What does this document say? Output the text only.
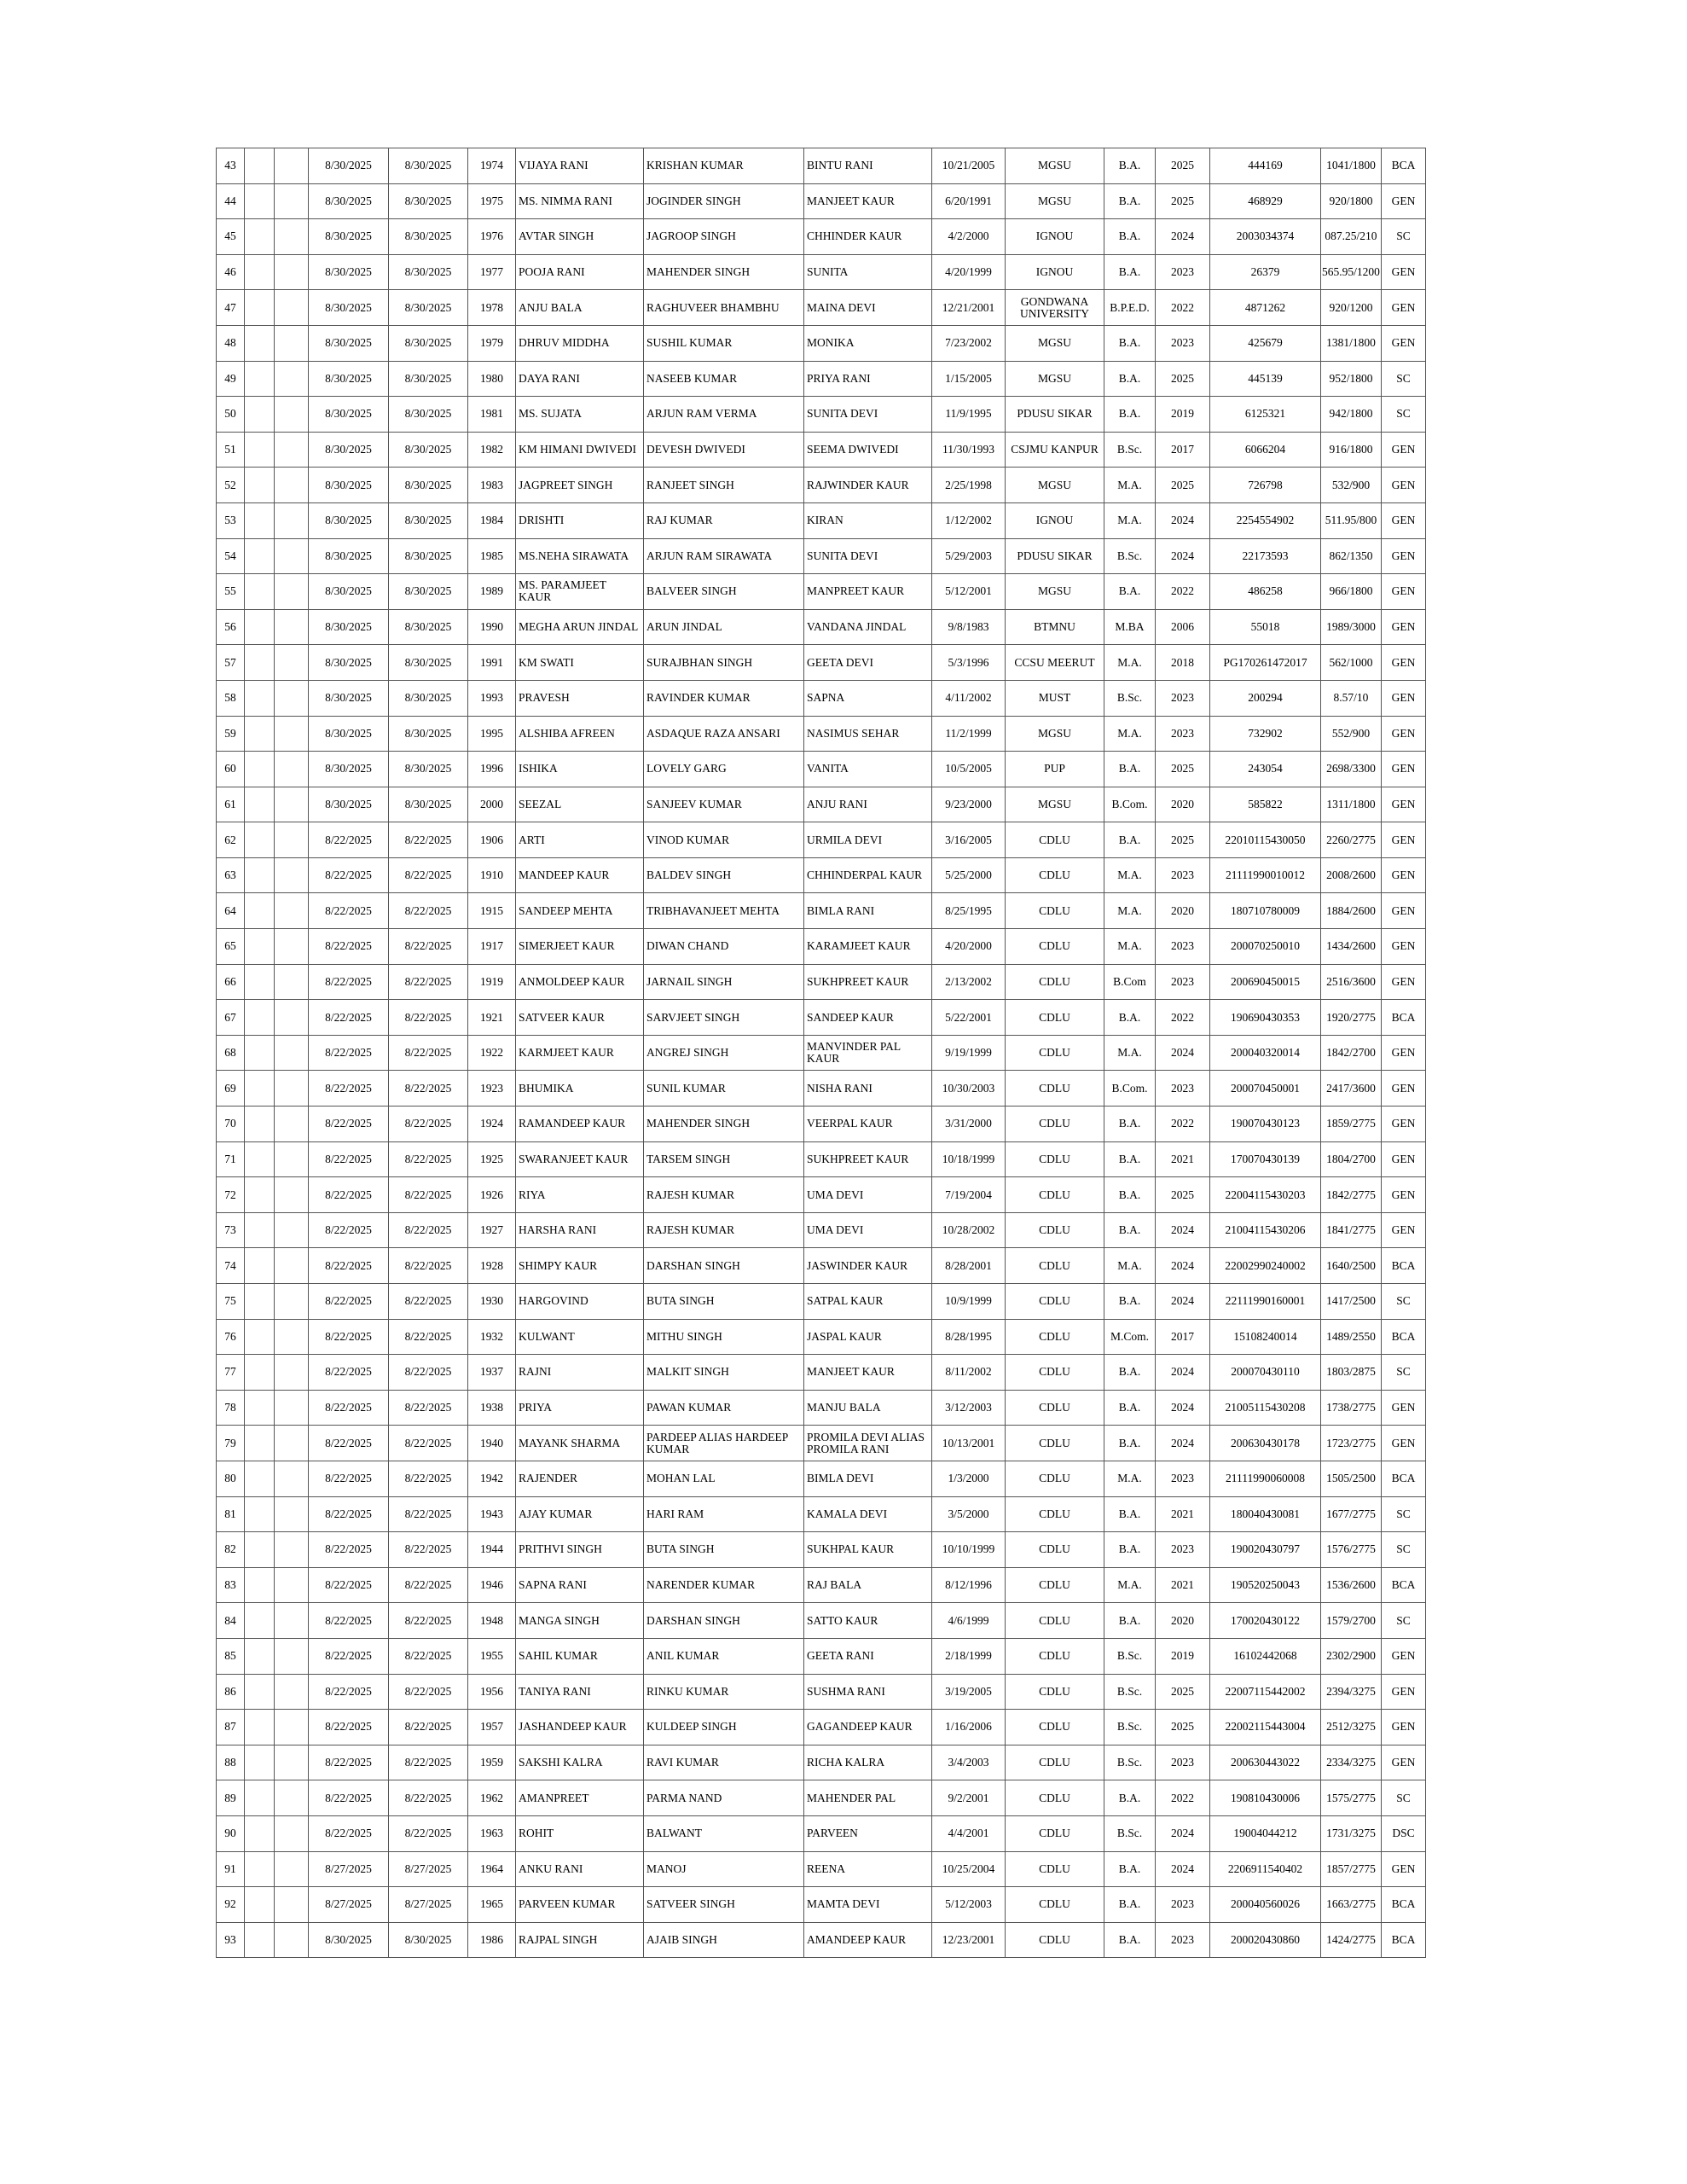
43			8/30/2025	8/30/2025	1974	VIJAYA RANI	KRISHAN KUMAR	BINTU RANI	10/21/2005	MGSU	B.A.	2025	444169	1041/1800	BCA
44			8/30/2025	8/30/2025	1975	MS. NIMMA RANI	JOGINDER SINGH	MANJEET KAUR	6/20/1991	MGSU	B.A.	2025	468929	920/1800	GEN
45			8/30/2025	8/30/2025	1976	AVTAR SINGH	JAGROOP SINGH	CHHINDER KAUR	4/2/2000	IGNOU	B.A.	2024	2003034374	087.25/210	SC
46			8/30/2025	8/30/2025	1977	POOJA RANI	MAHENDER SINGH	SUNITA	4/20/1999	IGNOU	B.A.	2023	26379	565.95/1200	GEN
47			8/30/2025	8/30/2025	1978	ANJU BALA	RAGHUVEER BHAMBHU	MAINA DEVI	12/21/2001	GONDWANA UNIVERSITY	B.P.E.D.	2022	4871262	920/1200	GEN
48			8/30/2025	8/30/2025	1979	DHRUV MIDDHA	SUSHIL KUMAR	MONIKA	7/23/2002	MGSU	B.A.	2023	425679	1381/1800	GEN
49			8/30/2025	8/30/2025	1980	DAYA RANI	NASEEB KUMAR	PRIYA RANI	1/15/2005	MGSU	B.A.	2025	445139	952/1800	SC
50			8/30/2025	8/30/2025	1981	MS. SUJATA	ARJUN RAM VERMA	SUNITA DEVI	11/9/1995	PDUSU SIKAR	B.A.	2019	6125321	942/1800	SC
51			8/30/2025	8/30/2025	1982	KM HIMANI DWIVEDI	DEVESH DWIVEDI	SEEMA DWIVEDI	11/30/1993	CSJMU KANPUR	B.Sc.	2017	6066204	916/1800	GEN
52			8/30/2025	8/30/2025	1983	JAGPREET SINGH	RANJEET SINGH	RAJWINDER KAUR	2/25/1998	MGSU	M.A.	2025	726798	532/900	GEN
53			8/30/2025	8/30/2025	1984	DRISHTI	RAJ KUMAR	KIRAN	1/12/2002	IGNOU	M.A.	2024	2254554902	511.95/800	GEN
54			8/30/2025	8/30/2025	1985	MS.NEHA SIRAWATA	ARJUN RAM SIRAWATA	SUNITA DEVI	5/29/2003	PDUSU SIKAR	B.Sc.	2024	22173593	862/1350	GEN
55			8/30/2025	8/30/2025	1989	MS. PARAMJEET KAUR	BALVEER SINGH	MANPREET KAUR	5/12/2001	MGSU	B.A.	2022	486258	966/1800	GEN
56			8/30/2025	8/30/2025	1990	MEGHA ARUN JINDAL	ARUN JINDAL	VANDANA JINDAL	9/8/1983	BTMNU	M.BA	2006	55018	1989/3000	GEN
57			8/30/2025	8/30/2025	1991	KM SWATI	SURAJBHAN SINGH	GEETA DEVI	5/3/1996	CCSU MEERUT	M.A.	2018	PG170261472017	562/1000	GEN
58			8/30/2025	8/30/2025	1993	PRAVESH	RAVINDER KUMAR	SAPNA	4/11/2002	MUST	B.Sc.	2023	200294	8.57/10	GEN
59			8/30/2025	8/30/2025	1995	ALSHIBA AFREEN	ASDAQUE RAZA ANSARI	NASIMUS SEHAR	11/2/1999	MGSU	M.A.	2023	732902	552/900	GEN
60			8/30/2025	8/30/2025	1996	ISHIKA	LOVELY GARG	VANITA	10/5/2005	PUP	B.A.	2025	243054	2698/3300	GEN
61			8/30/2025	8/30/2025	2000	SEEZAL	SANJEEV KUMAR	ANJU RANI	9/23/2000	MGSU	B.Com.	2020	585822	1311/1800	GEN
62			8/22/2025	8/22/2025	1906	ARTI	VINOD KUMAR	URMILA DEVI	3/16/2005	CDLU	B.A.	2025	22010115430050	2260/2775	GEN
63			8/22/2025	8/22/2025	1910	MANDEEP KAUR	BALDEV SINGH	CHHINDERPAL KAUR	5/25/2000	CDLU	M.A.	2023	21111990010012	2008/2600	GEN
64			8/22/2025	8/22/2025	1915	SANDEEP MEHTA	TRIBHAVANJEET MEHTA	BIMLA RANI	8/25/1995	CDLU	M.A.	2020	180710780009	1884/2600	GEN
65			8/22/2025	8/22/2025	1917	SIMERJEET KAUR	DIWAN CHAND	KARAMJEET KAUR	4/20/2000	CDLU	M.A.	2023	200070250010	1434/2600	GEN
66			8/22/2025	8/22/2025	1919	ANMOLDEEP KAUR	JARNAIL SINGH	SUKHPREET KAUR	2/13/2002	CDLU	B.Com	2023	200690450015	2516/3600	GEN
67			8/22/2025	8/22/2025	1921	SATVEER KAUR	SARVJEET SINGH	SANDEEP KAUR	5/22/2001	CDLU	B.A.	2022	190690430353	1920/2775	BCA
68			8/22/2025	8/22/2025	1922	KARMJEET KAUR	ANGREJ SINGH	MANVINDER PAL KAUR	9/19/1999	CDLU	M.A.	2024	200040320014	1842/2700	GEN
69			8/22/2025	8/22/2025	1923	BHUMIKA	SUNIL KUMAR	NISHA RANI	10/30/2003	CDLU	B.Com.	2023	200070450001	2417/3600	GEN
70			8/22/2025	8/22/2025	1924	RAMANDEEP KAUR	MAHENDER SINGH	VEERPAL KAUR	3/31/2000	CDLU	B.A.	2022	190070430123	1859/2775	GEN
71			8/22/2025	8/22/2025	1925	SWARANJEET KAUR	TARSEM SINGH	SUKHPREET KAUR	10/18/1999	CDLU	B.A.	2021	170070430139	1804/2700	GEN
72			8/22/2025	8/22/2025	1926	RIYA	RAJESH KUMAR	UMA DEVI	7/19/2004	CDLU	B.A.	2025	22004115430203	1842/2775	GEN
73			8/22/2025	8/22/2025	1927	HARSHA RANI	RAJESH KUMAR	UMA DEVI	10/28/2002	CDLU	B.A.	2024	21004115430206	1841/2775	GEN
74			8/22/2025	8/22/2025	1928	SHIMPY KAUR	DARSHAN SINGH	JASWINDER KAUR	8/28/2001	CDLU	M.A.	2024	22002990240002	1640/2500	BCA
75			8/22/2025	8/22/2025	1930	HARGOVIND	BUTA SINGH	SATPAL KAUR	10/9/1999	CDLU	B.A.	2024	22111990160001	1417/2500	SC
76			8/22/2025	8/22/2025	1932	KULWANT	MITHU SINGH	JASPAL KAUR	8/28/1995	CDLU	M.Com.	2017	15108240014	1489/2550	BCA
77			8/22/2025	8/22/2025	1937	RAJNI	MALKIT SINGH	MANJEET KAUR	8/11/2002	CDLU	B.A.	2024	200070430110	1803/2875	SC
78			8/22/2025	8/22/2025	1938	PRIYA	PAWAN KUMAR	MANJU BALA	3/12/2003	CDLU	B.A.	2024	21005115430208	1738/2775	GEN
79			8/22/2025	8/22/2025	1940	MAYANK SHARMA	PARDEEP ALIAS HARDEEP KUMAR	PROMILA DEVI ALIAS PROMILA RANI	10/13/2001	CDLU	B.A.	2024	200630430178	1723/2775	GEN
80			8/22/2025	8/22/2025	1942	RAJENDER	MOHAN LAL	BIMLA DEVI	1/3/2000	CDLU	M.A.	2023	21111990060008	1505/2500	BCA
81			8/22/2025	8/22/2025	1943	AJAY KUMAR	HARI RAM	KAMALA DEVI	3/5/2000	CDLU	B.A.	2021	180040430081	1677/2775	SC
82			8/22/2025	8/22/2025	1944	PRITHVI SINGH	BUTA SINGH	SUKHPAL KAUR	10/10/1999	CDLU	B.A.	2023	190020430797	1576/2775	SC
83			8/22/2025	8/22/2025	1946	SAPNA RANI	NARENDER KUMAR	RAJ BALA	8/12/1996	CDLU	M.A.	2021	190520250043	1536/2600	BCA
84			8/22/2025	8/22/2025	1948	MANGA SINGH	DARSHAN SINGH	SATTO KAUR	4/6/1999	CDLU	B.A.	2020	170020430122	1579/2700	SC
85			8/22/2025	8/22/2025	1955	SAHIL KUMAR	ANIL KUMAR	GEETA RANI	2/18/1999	CDLU	B.Sc.	2019	16102442068	2302/2900	GEN
86			8/22/2025	8/22/2025	1956	TANIYA RANI	RINKU KUMAR	SUSHMA RANI	3/19/2005	CDLU	B.Sc.	2025	22007115442002	2394/3275	GEN
87			8/22/2025	8/22/2025	1957	JASHANDEEP KAUR	KULDEEP SINGH	GAGANDEEP KAUR	1/16/2006	CDLU	B.Sc.	2025	22002115443004	2512/3275	GEN
88			8/22/2025	8/22/2025	1959	SAKSHI KALRA	RAVI KUMAR	RICHA KALRA	3/4/2003	CDLU	B.Sc.	2023	200630443022	2334/3275	GEN
89			8/22/2025	8/22/2025	1962	AMANPREET	PARMA NAND	MAHENDER PAL	9/2/2001	CDLU	B.A.	2022	190810430006	1575/2775	SC
90			8/22/2025	8/22/2025	1963	ROHIT	BALWANT	PARVEEN	4/4/2001	CDLU	B.Sc.	2024	19004044212	1731/3275	DSC
91			8/27/2025	8/27/2025	1964	ANKU RANI	MANOJ	REENA	10/25/2004	CDLU	B.A.	2024	2206911540402	1857/2775	GEN
92			8/27/2025	8/27/2025	1965	PARVEEN KUMAR	SATVEER SINGH	MAMTA DEVI	5/12/2003	CDLU	B.A.	2023	200040560026	1663/2775	BCA
93			8/30/2025	8/30/2025	1986	RAJPAL SINGH	AJAIB SINGH	AMANDEEP KAUR	12/23/2001	CDLU	B.A.	2023	200020430860	1424/2775	BCA
